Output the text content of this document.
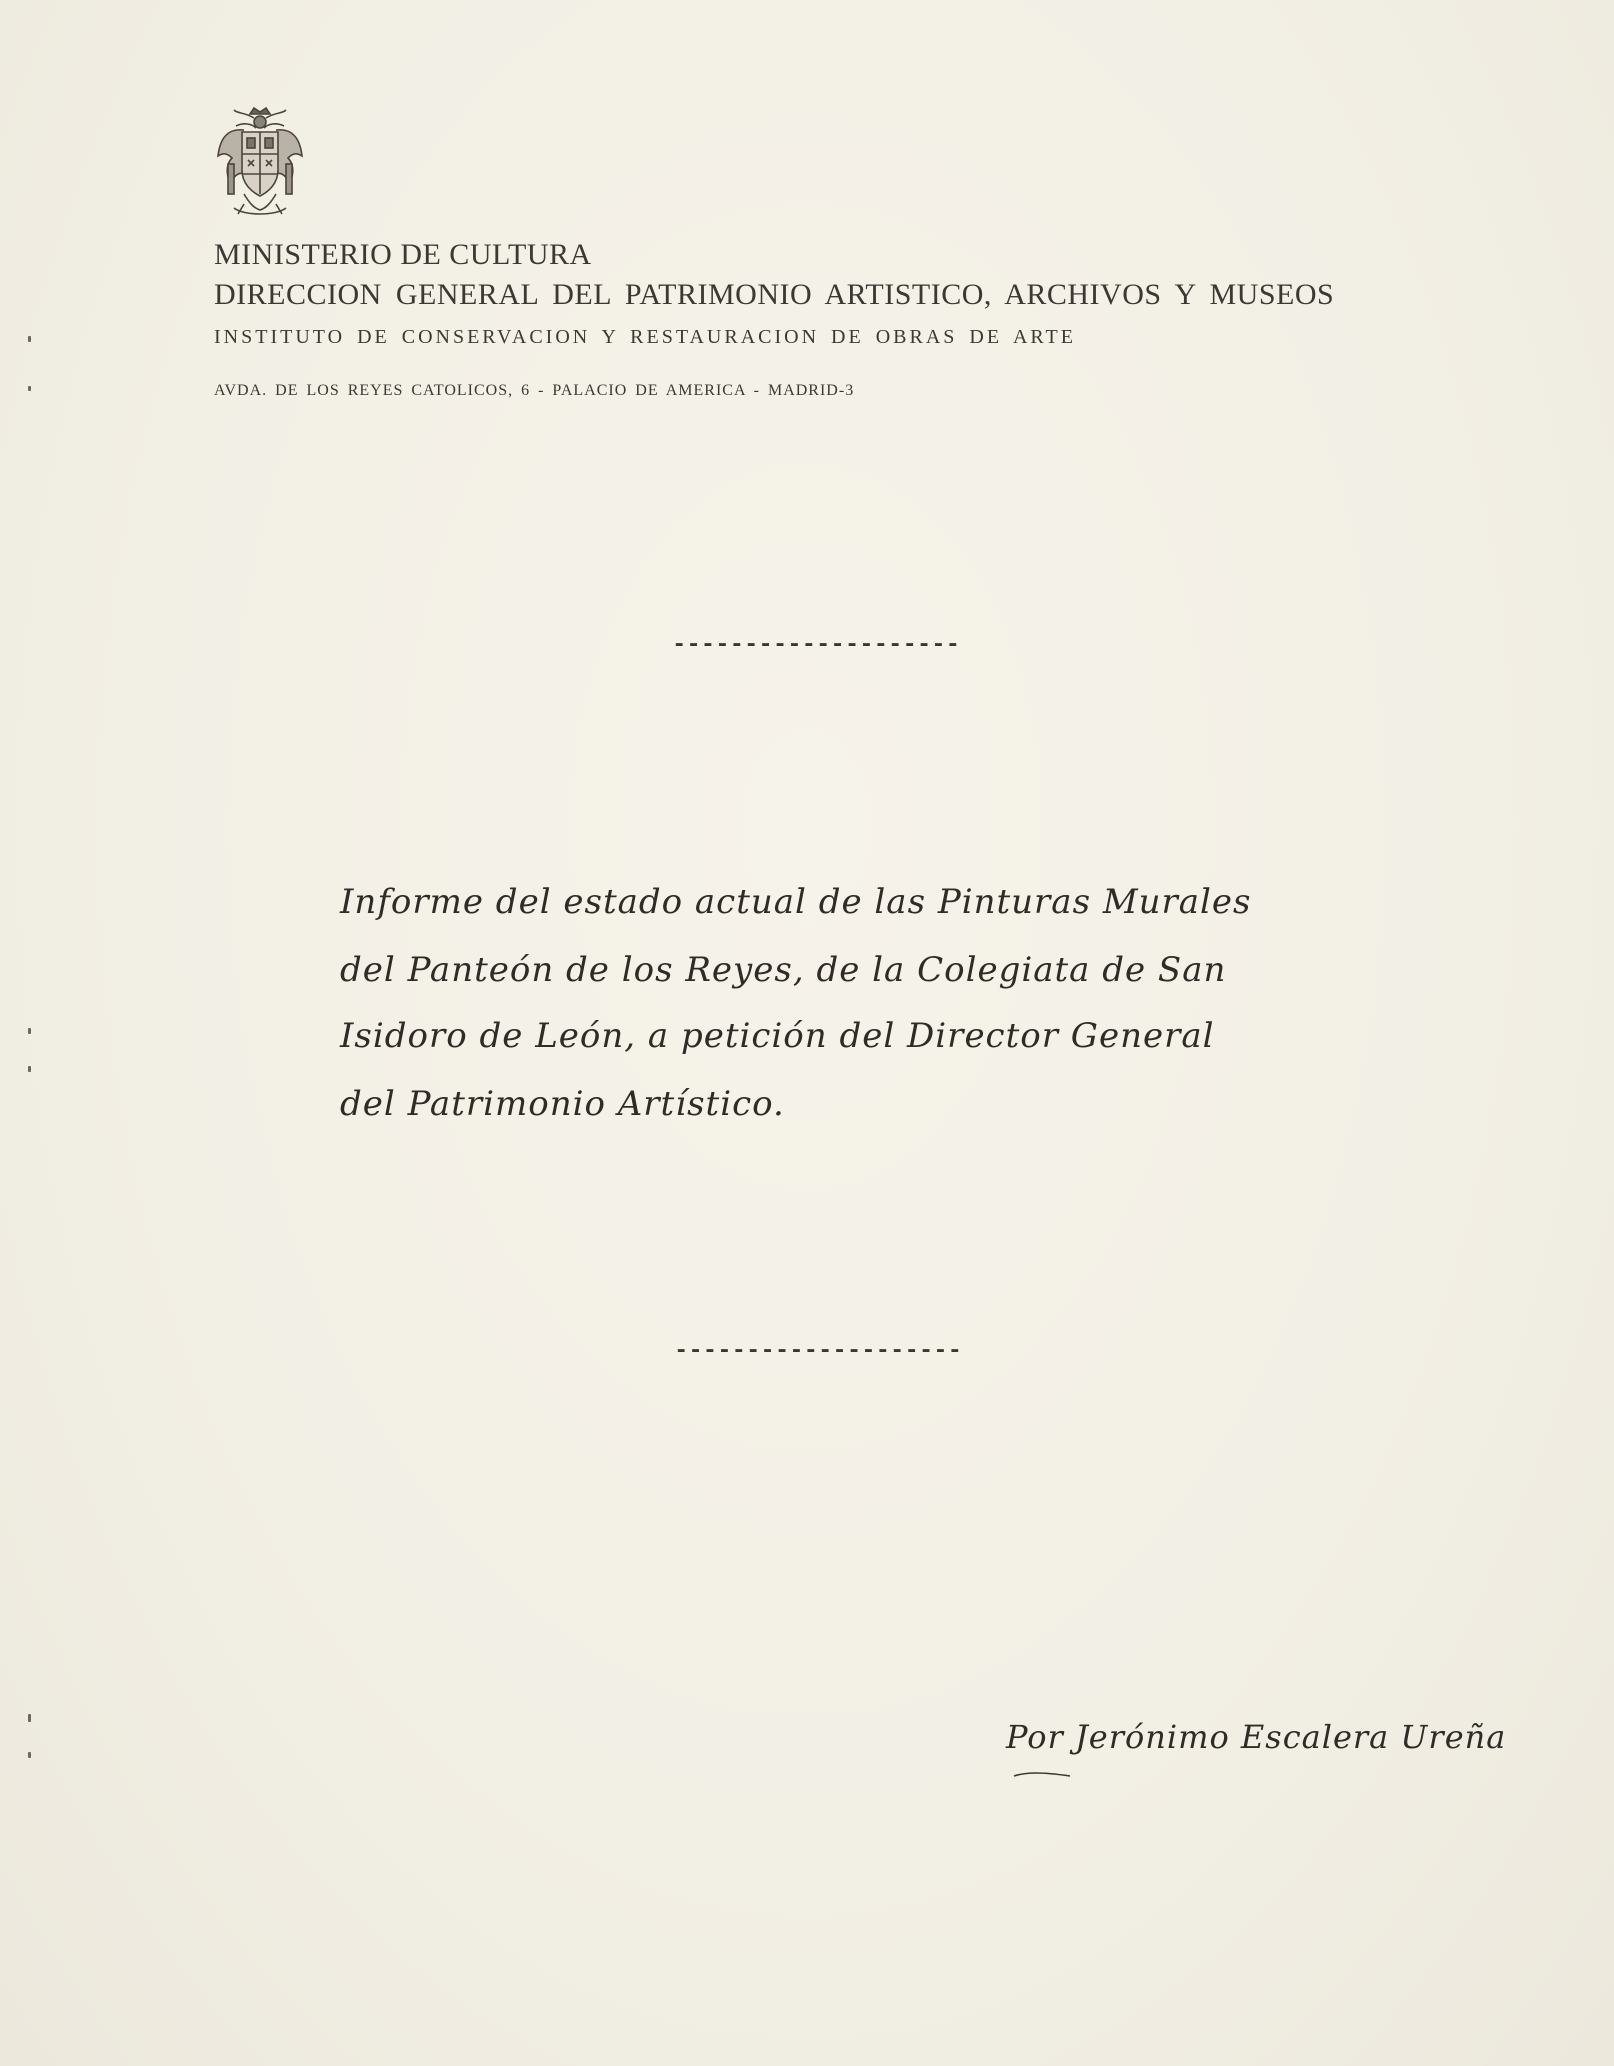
MINISTERIO DE CULTURA
DIRECCION GENERAL DEL PATRIMONIO ARTISTICO, ARCHIVOS Y MUSEOS
INSTITUTO DE CONSERVACION Y RESTAURACION DE OBRAS DE ARTE
AVDA. DE LOS REYES CATOLICOS, 6 - PALACIO DE AMERICA - MADRID-3
--------------------
Informe del estado actual de las Pinturas Murales
del Panteón de los Reyes, de la Colegiata de San
Isidoro de León, a petición del Director General
del Patrimonio Artístico.
--------------------
Por Jerónimo Escalera Ureña
